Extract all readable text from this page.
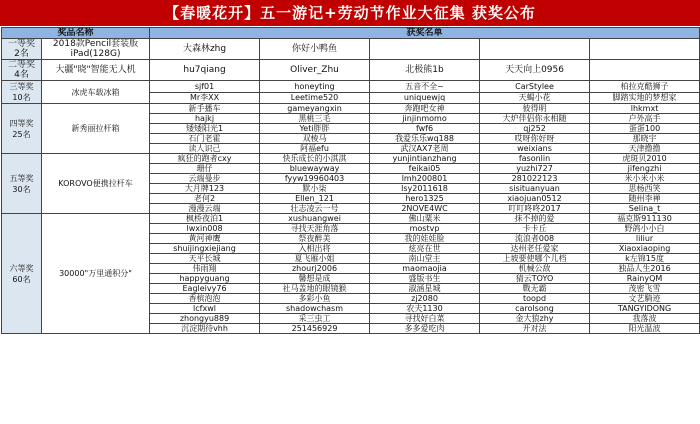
【春暖花开】五一游记+劳动节作业大征集 获奖公布
奖品名称		获奖名单				

一等奖
2名	2018款Pencil套装版iPad(128G)	大森林zhg	你好小鸭鱼			

二等奖
4名	大疆"晓"智能无人机	hu7qiang	Oliver_Zhu	北极熊1b	天天向上0956	

三等奖
10名	冰虎车载冰箱	sjf01	honeyting	五音不全~	CarStylee	柏拉克酷狮子
		Mr李XX	Leetime520	uniquewjq	天蝎小花	脚踏实地的梦想家

四等奖
25名	新秀丽拉杆箱	新手播车	gameyangxin	奔跑吧女神	彼得明	lhkmxt
		hajkj	黑桃三毛	jinjinmomo	大炉伴侣你永相随	户外高手
		矮矮阳光1	Yeti胖胖	fwf6	qj252	蛋蛋100
		石门老霍	双棱马	我爱乐乐wq188	哎呀你好呀	那晓宇
		读人识己	阿福efu	武汉AX7老周	weixians	天津撸撸

五等奖
30名	KOROVO便携拉杆车	疯狂的跑者cxy	快乐成长的小淇淇	yunjintianzhang	fasonlin	虎斑贝2010
		珊仔	bluewayway	feikai05	yuzhi727	jifengzhi
		云端曼步	fyyw19960403	lmh200801	281022123	米小米小米
		大月牌123	默小柒	lsy2011618	sisituanyuan	思杨西笑
		老何2	Ellen_121	hero1325	xiaojuan0512	随州李禅
		漫漫云端	壮志凌云一号	2NOVE4WC	叮叮咚咚2017	Selina_t

六等奖
60名	30000"万里通积分"	枫桥夜泊1	xushuangwei	佛山粟米	抹不掉的爱	福克斯911130
		lwxin008	寻找天涯角落	mostvp	卡卡丘	野鸽小小白
		黄河神鹰	祭夜醉美	我的娃娃脸	流浪者008	liliur
		shuijingxiejiang	入相出将	炫亮在世	达州老任爱家	Xiaoxiaoping
		天平长城	夏飞雁小姐	南山堂主	上坡要使哪个儿档	k左锦15度
		伟雨翔	zhourj2006	maomaojia	机械公敌	独品人生2016
		happyguang	馨想是成	盛版书生	猜云TOYO	RainyQM
		Eagleivy76	社马盖地的眼镜猴	淑涵星城	戰无霸	茂密飞雪
		香槟泡泡	多彩小鱼	zj2080	toopd	文艺騎迹
		lcfxwl	shadowchasm	农夫1130	carolsong	TANGYIDONG
		zhongyu889	采三虫工	寻找好白菜	金大狼zhy	我落波
		沉淀期待vhh	251456929	多多爱吃肉	开对法	阳光温波
